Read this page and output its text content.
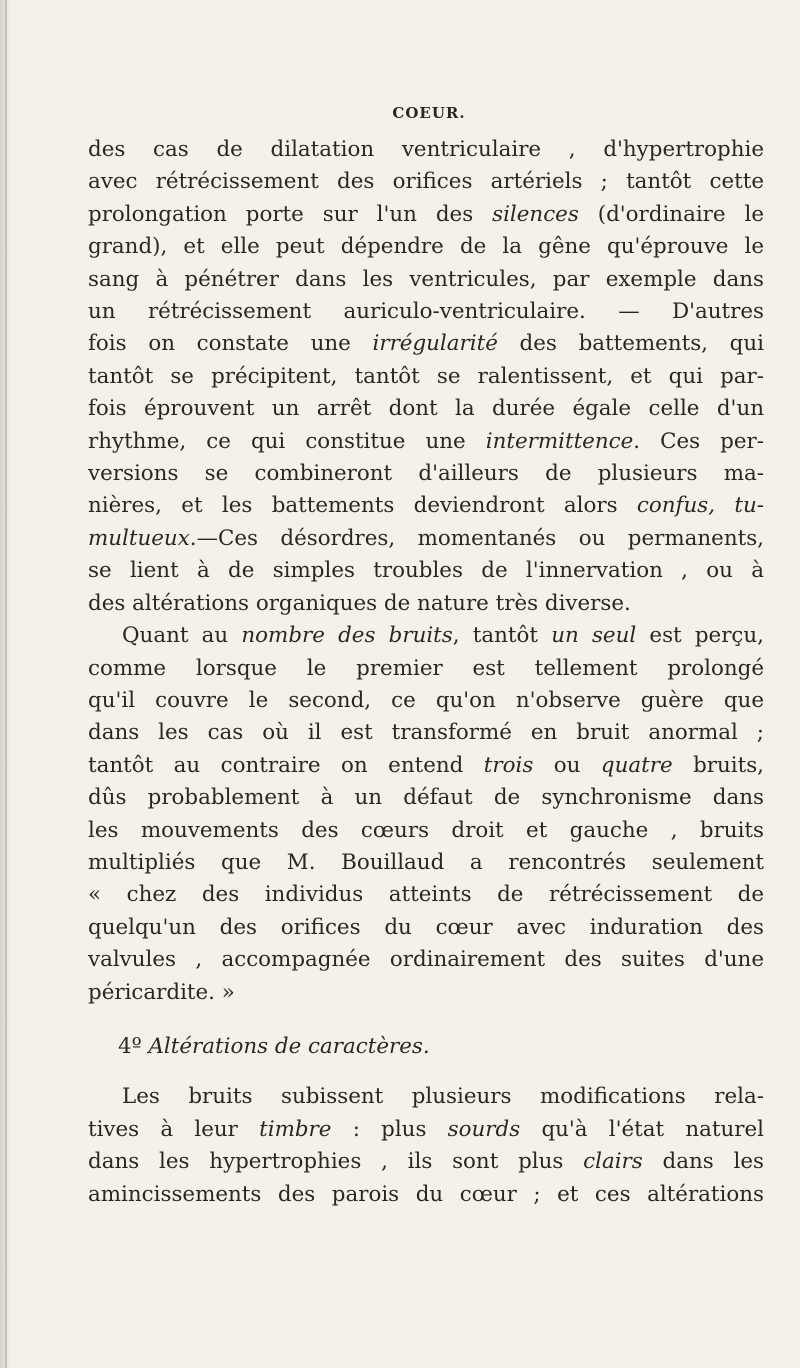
COEUR.

des cas de dilatation ventriculaire , d'hypertrophie
avec rétrécissement des orifices artériels ; tantôt cette
prolongation porte sur l'un des silences (d'ordinaire le
grand), et elle peut dépendre de la gêne qu'éprouve le
sang à pénétrer dans les ventricules, par exemple dans
un rétrécissement auriculo-ventriculaire. — D'autres
fois on constate une irrégularité des battements, qui
tantôt se précipitent, tantôt se ralentissent, et qui par-
fois éprouvent un arrêt dont la durée égale celle d'un
rhythme, ce qui constitue une intermittence. Ces per-
versions se combineront d'ailleurs de plusieurs ma-
nières, et les battements deviendront alors confus, tu-
multueux.—Ces désordres, momentanés ou permanents,
se lient à de simples troubles de l'innervation , ou à
des altérations organiques de nature très diverse.

Quant au nombre des bruits, tantôt un seul est perçu,
comme lorsque le premier est tellement prolongé
qu'il couvre le second, ce qu'on n'observe guère que
dans les cas où il est transformé en bruit anormal ;
tantôt au contraire on entend trois ou quatre bruits,
dûs probablement à un défaut de synchronisme dans
les mouvements des cœurs droit et gauche , bruits
multipliés que M. Bouillaud a rencontrés seulement
« chez des individus atteints de rétrécissement de
quelqu'un des orifices du cœur avec induration des
valvules , accompagnée ordinairement des suites d'une
péricardite. »

4º Altérations de caractères.

Les bruits subissent plusieurs modifications rela-
tives à leur timbre : plus sourds qu'à l'état naturel
dans les hypertrophies , ils sont plus clairs dans les
amincissements des parois du cœur ; et ces altérations
